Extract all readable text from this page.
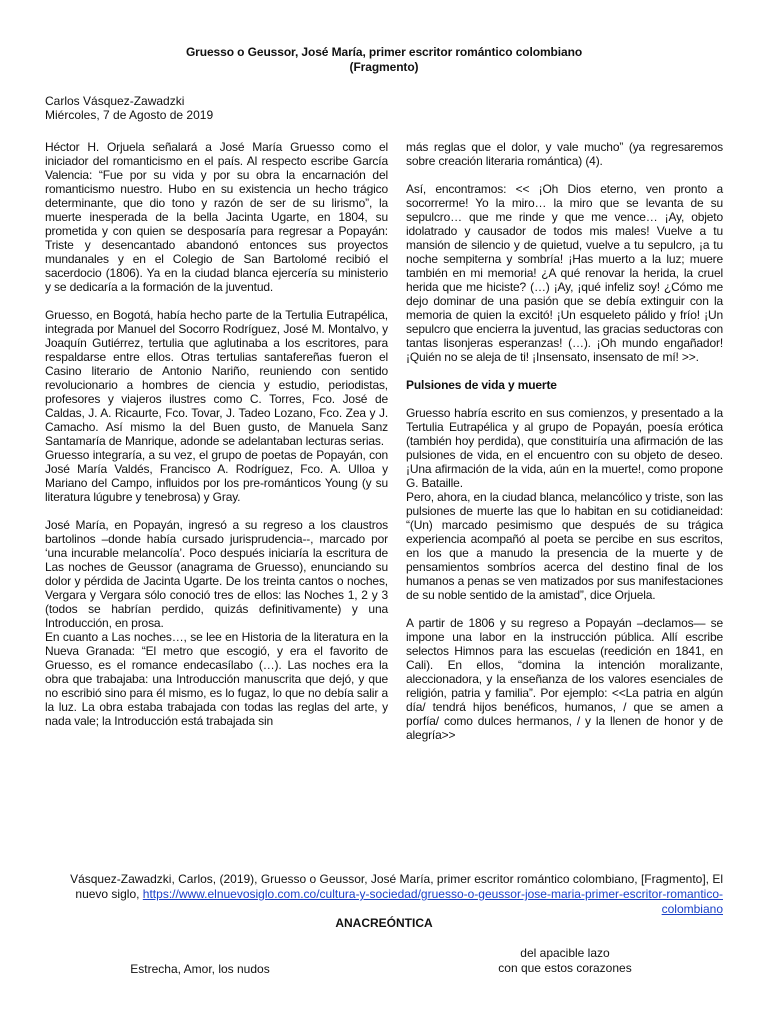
Gruesso o Geussor, José María, primer escritor romántico colombiano
(Fragmento)
Carlos Vásquez-Zawadzki
Miércoles, 7 de Agosto de 2019

Héctor H. Orjuela señalará a José María Gruesso como el iniciador del romanticismo en el país. Al respecto escribe García Valencia: “Fue por su vida y por su obra la encarnación del romanticismo nuestro. Hubo en su existencia un hecho trágico determinante, que dio tono y razón de ser de su lirismo”, la muerte inesperada de la bella Jacinta Ugarte, en 1804, su prometida y con quien se desposaría para regresar a Popayán: Triste y desencantado abandonó entonces sus proyectos mundanales y en el Colegio de San Bartolomé recibió el sacerdocio (1806). Ya en la ciudad blanca ejercería su ministerio y se dedicaría a la formación de la juventud.

Gruesso, en Bogotá, había hecho parte de la Tertulia Eutrapélica, integrada por Manuel del Socorro Rodríguez, José M. Montalvo, y Joaquín Gutiérrez, tertulia que aglutinaba a los escritores, para respaldarse entre ellos. Otras tertulias santafereñas fueron el Casino literario de Antonio Nariño, reuniendo con sentido revolucionario a hombres de ciencia y estudio, periodistas, profesores y viajeros ilustres como C. Torres, Fco. José de Caldas, J. A. Ricaurte, Fco. Tovar, J. Tadeo Lozano, Fco. Zea y J. Camacho. Así mismo la del Buen gusto, de Manuela Sanz Santamaría de Manrique, adonde se adelantaban lecturas serias.

Gruesso integraría, a su vez, el grupo de poetas de Popayán, con José María Valdés, Francisco A. Rodríguez, Fco. A. Ulloa y Mariano del Campo, influidos por los pre-románticos Young (y su literatura lúgubre y tenebrosa) y Gray.

José María, en Popayán, ingresó a su regreso a los claustros bartolinos –donde había cursado jurisprudencia--, marcado por ‘una incurable melancolía’. Poco después iniciaría la escritura de Las noches de Geussor (anagrama de Gruesso), enunciando su dolor y pérdida de Jacinta Ugarte. De los treinta cantos o noches, Vergara y Vergara sólo conoció tres de ellos: las Noches 1, 2 y 3 (todos se habrían perdido, quizás definitivamente) y una Introducción, en prosa.

En cuanto a Las noches…, se lee en Historia de la literatura en la Nueva Granada: “El metro que escogió, y era el favorito de Gruesso, es el romance endecasílabo (…). Las noches era la obra que trabajaba: una Introducción manuscrita que dejó, y que no escribió sino para él mismo, es lo fugaz, lo que no debía salir a la luz. La obra estaba trabajada con todas las reglas del arte, y nada vale; la Introducción está trabajada sin

más reglas que el dolor, y vale mucho” (ya regresaremos sobre creación literaria romántica) (4).

Así, encontramos: << ¡Oh Dios eterno, ven pronto a socorrerme! Yo la miro… la miro que se levanta de su sepulcro… que me rinde y que me vence… ¡Ay, objeto idolatrado y causador de todos mis males! Vuelve a tu mansión de silencio y de quietud, vuelve a tu sepulcro, ¡a tu noche sempiterna y sombría! ¡Has muerto a la luz; muere también en mi memoria! ¿A qué renovar la herida, la cruel herida que me hiciste? (…) ¡Ay, ¡qué infeliz soy! ¿Cómo me dejo dominar de una pasión que se debía extinguir con la memoria de quien la excitó! ¡Un esqueleto pálido y frío! ¡Un sepulcro que encierra la juventud, las gracias seductoras con tantas lisonjeras esperanzas! (…). ¡Oh mundo engañador! ¡Quién no se aleja de ti! ¡Insensato, insensato de mí! >>.

Pulsiones de vida y muerte

Gruesso habría escrito en sus comienzos, y presentado a la Tertulia Eutrapélica y al grupo de Popayán, poesía erótica (también hoy perdida), que constituiría una afirmación de las pulsiones de vida, en el encuentro con su objeto de deseo. ¡Una afirmación de la vida, aún en la muerte!, como propone G. Bataille.

Pero, ahora, en la ciudad blanca, melancólico y triste, son las pulsiones de muerte las que lo habitan en su cotidianeidad: “(Un) marcado pesimismo que después de su trágica experiencia acompañó al poeta se percibe en sus escritos, en los que a manudo la presencia de la muerte y de pensamientos sombríos acerca del destino final de los humanos a penas se ven matizados por sus manifestaciones de su noble sentido de la amistad”, dice Orjuela.

A partir de 1806 y su regreso a Popayán –declamos— se impone una labor en la instrucción pública. Allí escribe selectos Himnos para las escuelas (reedición en 1841, en Cali). En ellos, “domina la intención moralizante, aleccionadora, y la enseñanza de los valores esenciales de religión, patria y familia”. Por ejemplo: <<La patria en algún día/ tendrá hijos benéficos, humanos, / que se amen a porfía/ como dulces hermanos, / y la llenen de honor y de alegría>>

Vásquez-Zawadzki, Carlos, (2019), Gruesso o Geussor, José María, primer escritor romántico colombiano, [Fragmento], El nuevo siglo, https://www.elnuevosiglo.com.co/cultura-y-sociedad/gruesso-o-geussor-jose-maria-primer-escritor-romantico-colombiano
ANACREÓNTICA
Estrecha, Amor, los nudos
del apacible lazo
con que estos corazones
